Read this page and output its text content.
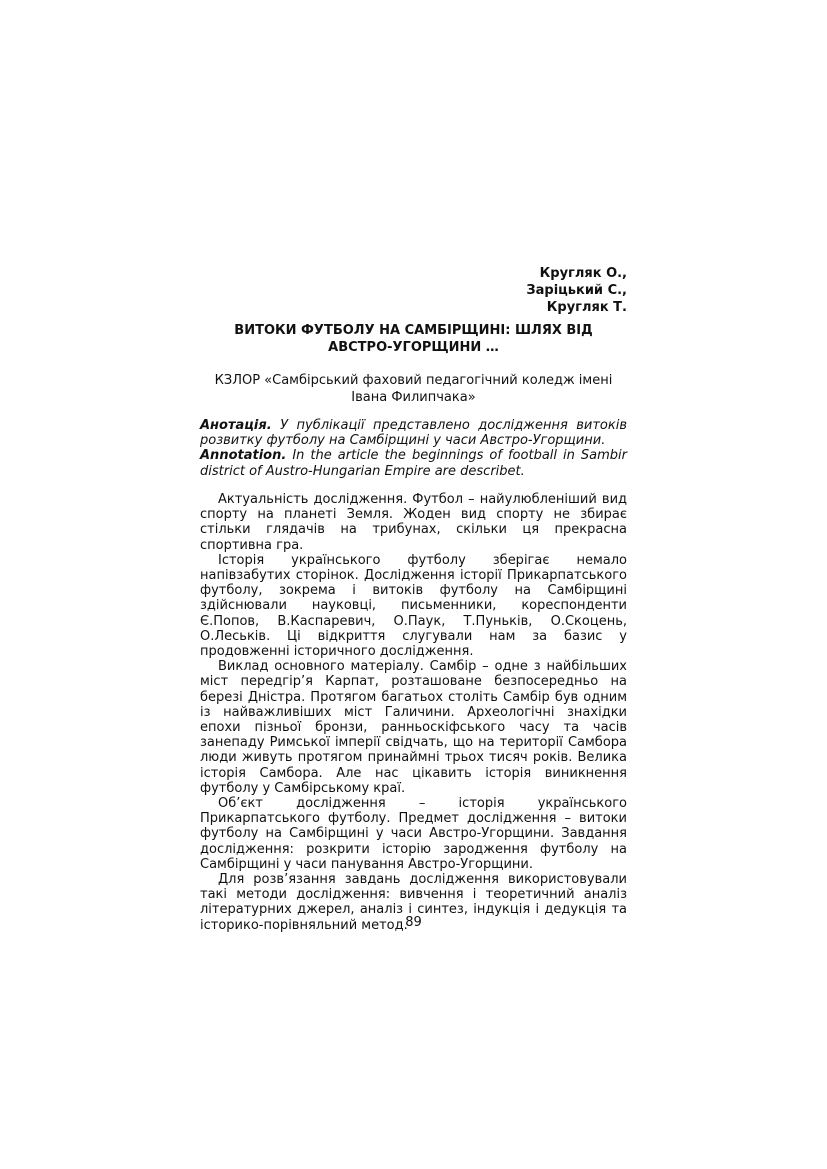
Кругляк О.,
Заріцький С.,
Кругляк Т.
ВИТОКИ ФУТБОЛУ НА САМБІРЩИНІ: ШЛЯХ ВІД АВСТРО-УГОРЩИНИ …
КЗЛОР «Самбірський фаховий педагогічний коледж імені Івана Филипчака»

Анотація. У публікації представлено дослідження витоків розвитку футболу на Самбірщині у часи Австро-Угорщини.

Annotation. In the article the beginnings of football in Sambir district of Austro-Hungarian Empire are describet.

Актуальність дослідження. Футбол – найулюбленіший вид спорту на планеті Земля. Жоден вид спорту не збирає стільки глядачів на трибунах, скільки ця прекрасна спортивна гра.

Історія українського футболу зберігає немало напівзабутих сторінок. Дослідження історії Прикарпатського футболу, зокрема і витоків футболу на Самбірщині здійснювали науковці, письменники, кореспонденти Є.Попов, В.Каспаревич, О.Паук, Т.Пуньків, О.Скоцень, О.Леськів. Ці відкриття слугували нам за базис у продовженні історичного дослідження.

Виклад основного матеріалу. Самбір – одне з найбільших міст передгір’я Карпат, розташоване безпосередньо на березі Дністра. Протягом багатьох століть Самбір був одним із найважливіших міст Галичини. Археологічні знахідки епохи пізньої бронзи, ранньоскіфського часу та часів занепаду Римської імперії свідчать, що на території Самбора люди живуть протягом принаймні трьох тисяч років. Велика історія Самбора. Але нас цікавить історія виникнення футболу у Самбірському краї.

Об’єкт дослідження – історія українського Прикарпатського футболу. Предмет дослідження – витоки футболу на Самбірщині у часи Австро-Угорщини. Завдання дослідження: розкрити історію зародження футболу на Самбірщині у часи панування Австро-Угорщини.

Для розв’язання завдань дослідження використовували такі методи дослідження: вивчення і теоретичний аналіз літературних джерел, аналіз і синтез, індукція і дедукція та історико-порівняльний метод.

89
